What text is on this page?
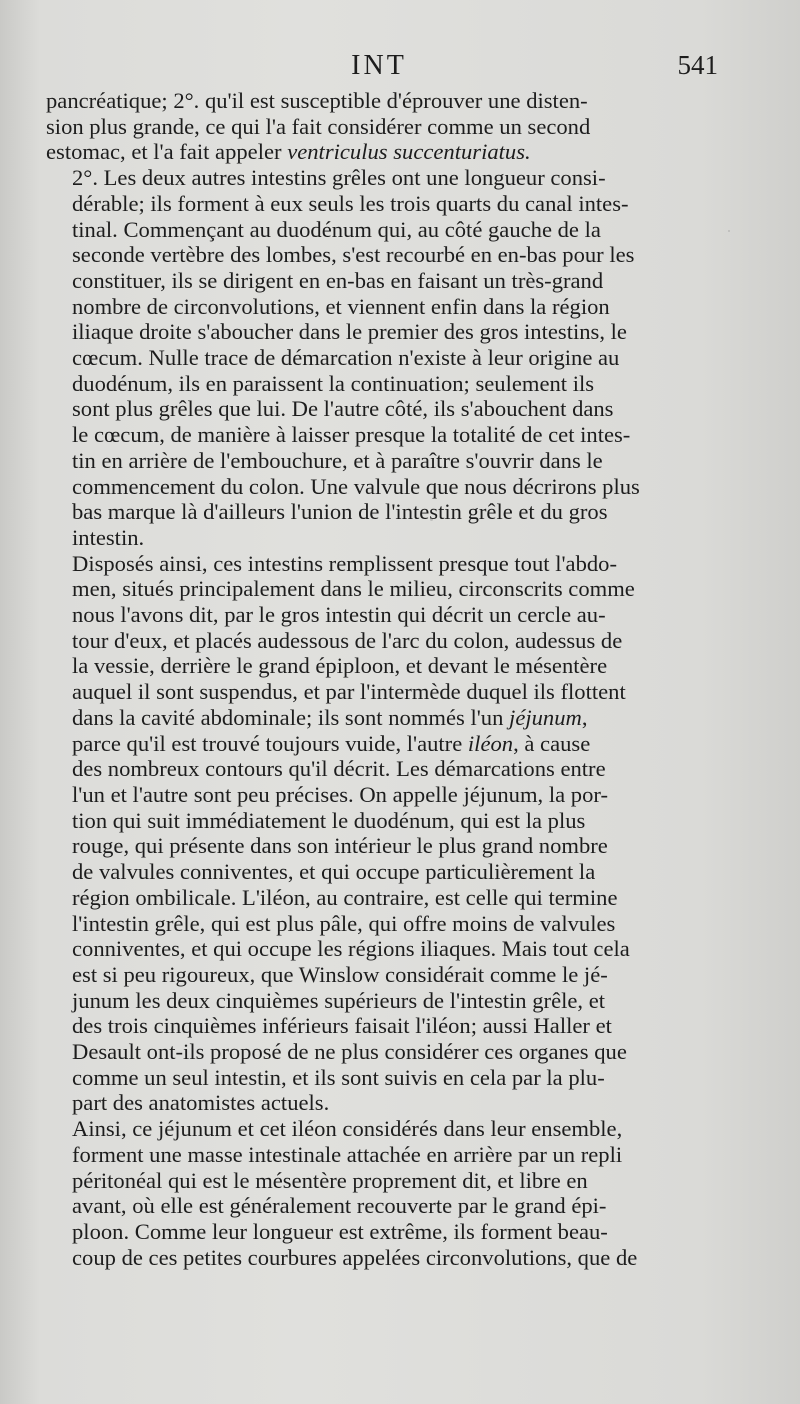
INT	541

pancréatique; 2°. qu'il est susceptible d'éprouver une disten-
sion plus grande, ce qui l'a fait considérer comme un second
estomac, et l'a fait appeler ventriculus succenturiatus.

2°. Les deux autres intestins grêles ont une longueur consi-
dérable; ils forment à eux seuls les trois quarts du canal intes-
tinal. Commençant au duodénum qui, au côté gauche de la
seconde vertèbre des lombes, s'est recourbé en en-bas pour les
constituer, ils se dirigent en en-bas en faisant un très-grand
nombre de circonvolutions, et viennent enfin dans la région
iliaque droite s'aboucher dans le premier des gros intestins, le
cœcum. Nulle trace de démarcation n'existe à leur origine au
duodénum, ils en paraissent la continuation; seulement ils
sont plus grêles que lui. De l'autre côté, ils s'abouchent dans
le cœcum, de manière à laisser presque la totalité de cet intes-
tin en arrière de l'embouchure, et à paraître s'ouvrir dans le
commencement du colon. Une valvule que nous décrirons plus
bas marque là d'ailleurs l'union de l'intestin grêle et du gros
intestin.

Disposés ainsi, ces intestins remplissent presque tout l'abdo-
men, situés principalement dans le milieu, circonscrits comme
nous l'avons dit, par le gros intestin qui décrit un cercle au-
tour d'eux, et placés audessous de l'arc du colon, audessus de
la vessie, derrière le grand épiploon, et devant le mésentère
auquel il sont suspendus, et par l'intermède duquel ils flottent
dans la cavité abdominale; ils sont nommés l'un jéjunum,
parce qu'il est trouvé toujours vuide, l'autre iléon, à cause
des nombreux contours qu'il décrit. Les démarcations entre
l'un et l'autre sont peu précises. On appelle jéjunum, la por-
tion qui suit immédiatement le duodénum, qui est la plus
rouge, qui présente dans son intérieur le plus grand nombre
de valvules conniventes, et qui occupe particulièrement la
région ombilicale. L'iléon, au contraire, est celle qui termine
l'intestin grêle, qui est plus pâle, qui offre moins de valvules
conniventes, et qui occupe les régions iliaques. Mais tout cela
est si peu rigoureux, que Winslow considérait comme le jé-
junum les deux cinquièmes supérieurs de l'intestin grêle, et
des trois cinquièmes inférieurs faisait l'iléon; aussi Haller et
Desault ont-ils proposé de ne plus considérer ces organes que
comme un seul intestin, et ils sont suivis en cela par la plu-
part des anatomistes actuels.

Ainsi, ce jéjunum et cet iléon considérés dans leur ensemble,
forment une masse intestinale attachée en arrière par un repli
péritonéal qui est le mésentère proprement dit, et libre en
avant, où elle est généralement recouverte par le grand épi-
ploon. Comme leur longueur est extrême, ils forment beau-
coup de ces petites courbures appelées circonvolutions, que de
